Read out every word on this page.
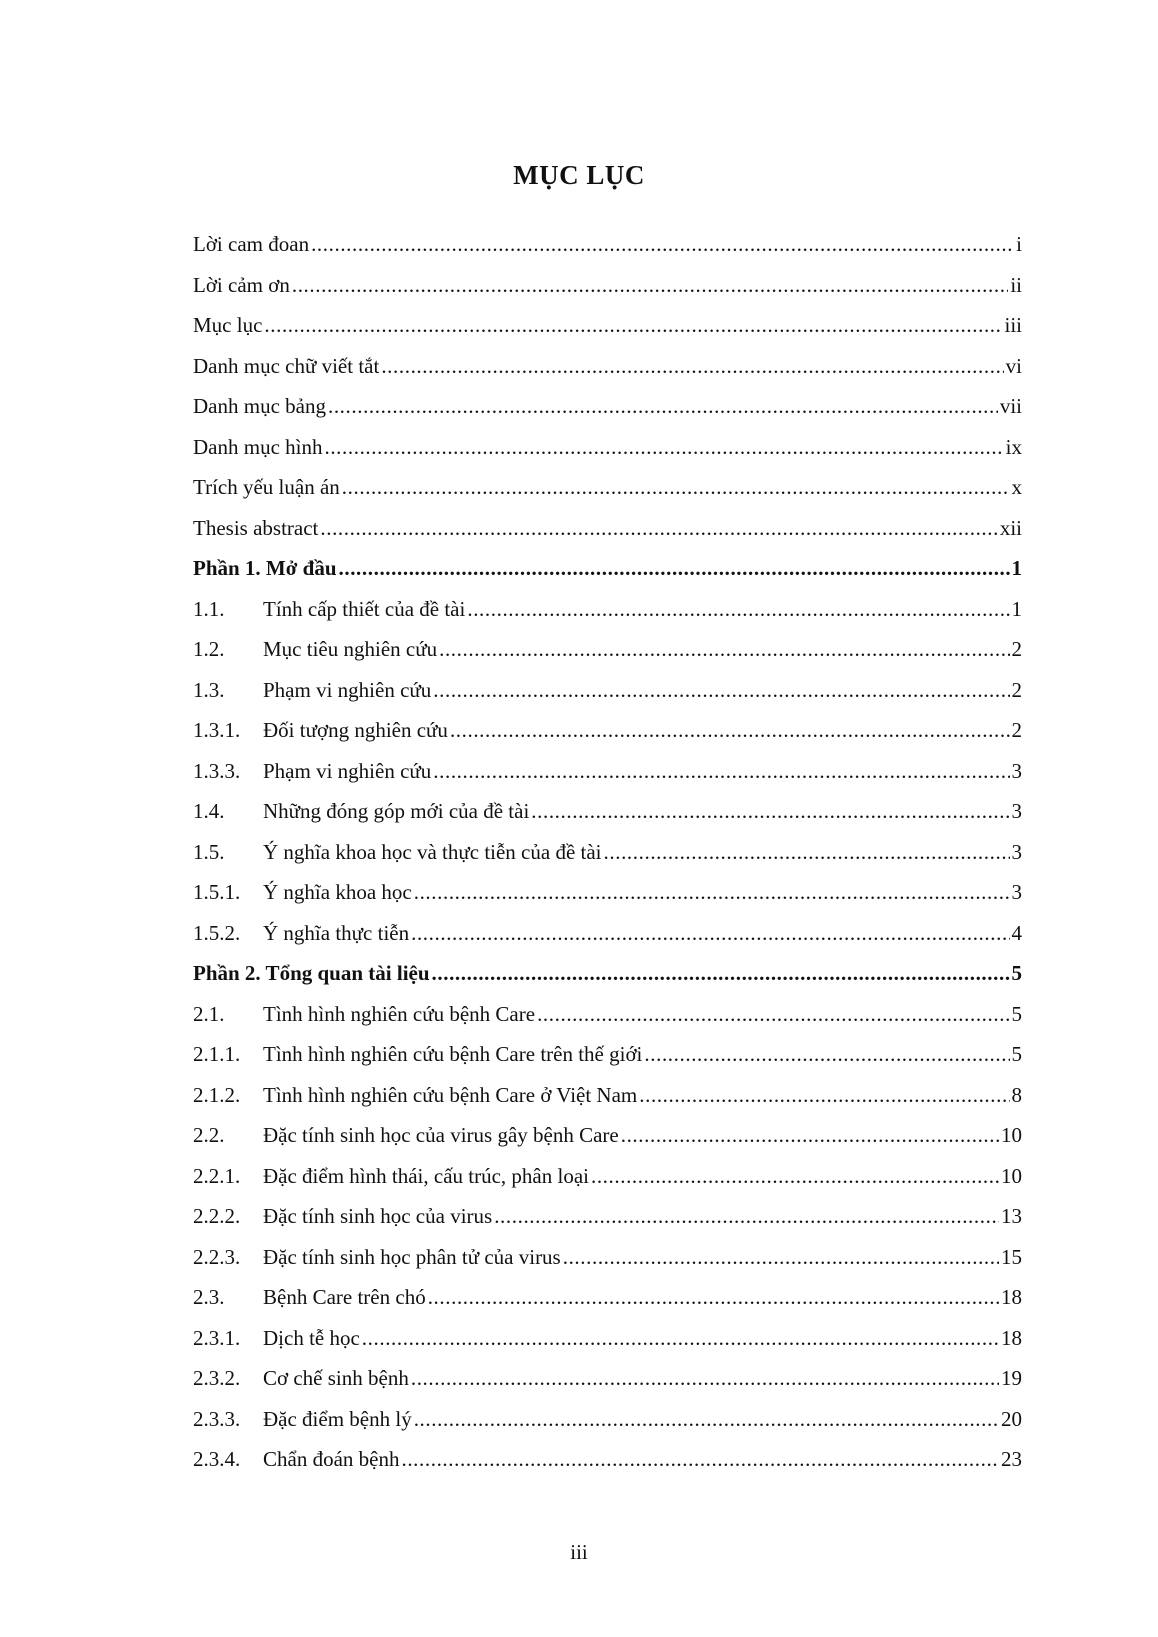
MỤC LỤC
Lời cam đoan .....	i
Lời cảm ơn .....	ii
Mục lục .....	iii
Danh mục chữ viết tắt .....	vi
Danh mục bảng .....	vii
Danh mục hình .....	ix
Trích yếu luận án .....	x
Thesis abstract .....	xii
Phần 1. Mở đầu .....	1
1.1.	Tính cấp thiết của đề tài .....	1
1.2.	Mục tiêu nghiên cứu .....	2
1.3.	Phạm vi nghiên cứu .....	2
1.3.1.	Đối tượng nghiên cứu .....	2
1.3.3.	Phạm vi nghiên cứu .....	3
1.4.	Những đóng góp mới của đề tài .....	3
1.5.	Ý nghĩa khoa học và thực tiễn của đề tài .....	3
1.5.1.	Ý nghĩa khoa học .....	3
1.5.2.	Ý nghĩa thực tiễn .....	4
Phần 2. Tổng quan tài liệu .....	5
2.1.	Tình hình nghiên cứu bệnh Care .....	5
2.1.1.	Tình hình nghiên cứu bệnh Care trên thế giới .....	5
2.1.2.	Tình hình nghiên cứu bệnh Care ở Việt Nam .....	8
2.2.	Đặc tính sinh học của virus gây bệnh Care .....	10
2.2.1.	Đặc điểm hình thái, cấu trúc, phân loại .....	10
2.2.2.	Đặc tính sinh học của virus .....	13
2.2.3.	Đặc tính sinh học phân tử của virus .....	15
2.3.	Bệnh Care trên chó .....	18
2.3.1.	Dịch tễ học .....	18
2.3.2.	Cơ chế sinh bệnh .....	19
2.3.3.	Đặc điểm bệnh lý .....	20
2.3.4.	Chẩn đoán bệnh .....	23
iii
